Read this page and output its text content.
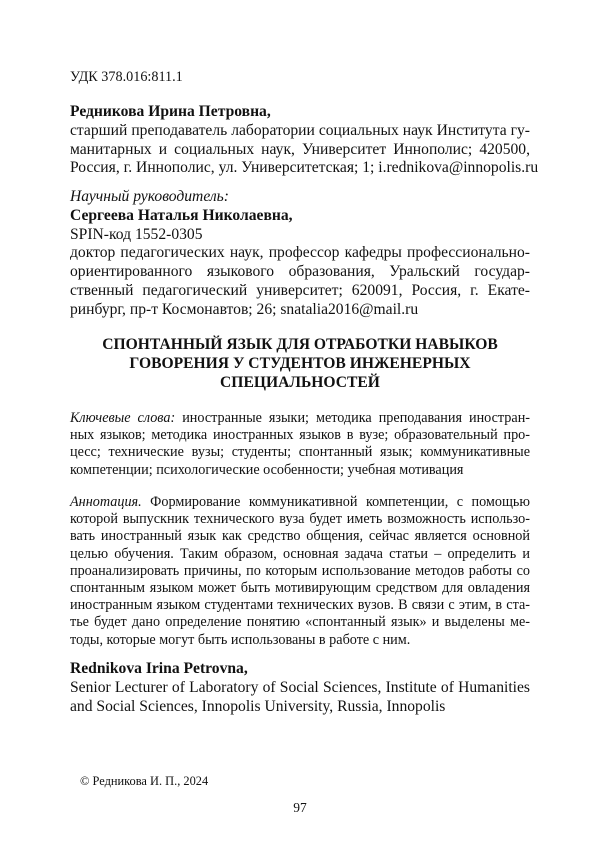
УДК 378.016:811.1
Редникова Ирина Петровна,
старший преподаватель лаборатории социальных наук Института гу-
манитарных и социальных наук, Университет Иннополис; 420500,
Россия, г. Иннополис, ул. Университетская; 1; i.rednikova@innopolis.ru
Научный руководитель:
Сергеева Наталья Николаевна,
SPIN-код 1552-0305
доктор педагогических наук, профессор кафедры профессионально-
ориентированного языкового образования, Уральский государ-
ственный педагогический университет; 620091, Россия, г. Екате-
ринбург, пр-т Космонавтов; 26; snatalia2016@mail.ru
СПОНТАННЫЙ ЯЗЫК ДЛЯ ОТРАБОТКИ НАВЫКОВ
ГОВОРЕНИЯ У СТУДЕНТОВ ИНЖЕНЕРНЫХ
СПЕЦИАЛЬНОСТЕЙ
Ключевые слова: иностранные языки; методика преподавания иностран-
ных языков; методика иностранных языков в вузе; образовательный про-
цесс; технические вузы; студенты; спонтанный язык; коммуникативные
компетенции; психологические особенности; учебная мотивация
Аннотация. Формирование коммуникативной компетенции, с помощью
которой выпускник технического вуза будет иметь возможность использо-
вать иностранный язык как средство общения, сейчас является основной
целью обучения. Таким образом, основная задача статьи – определить и
проанализировать причины, по которым использование методов работы со
спонтанным языком может быть мотивирующим средством для овладения
иностранным языком студентами технических вузов. В связи с этим, в ста-
тье будет дано определение понятию «спонтанный язык» и выделены ме-
тоды, которые могут быть использованы в работе с ним.
Rednikova Irina Petrovna,
Senior Lecturer of Laboratory of Social Sciences, Institute of Humanities
and Social Sciences, Innopolis University, Russia, Innopolis
© Редникова И. П., 2024
97
